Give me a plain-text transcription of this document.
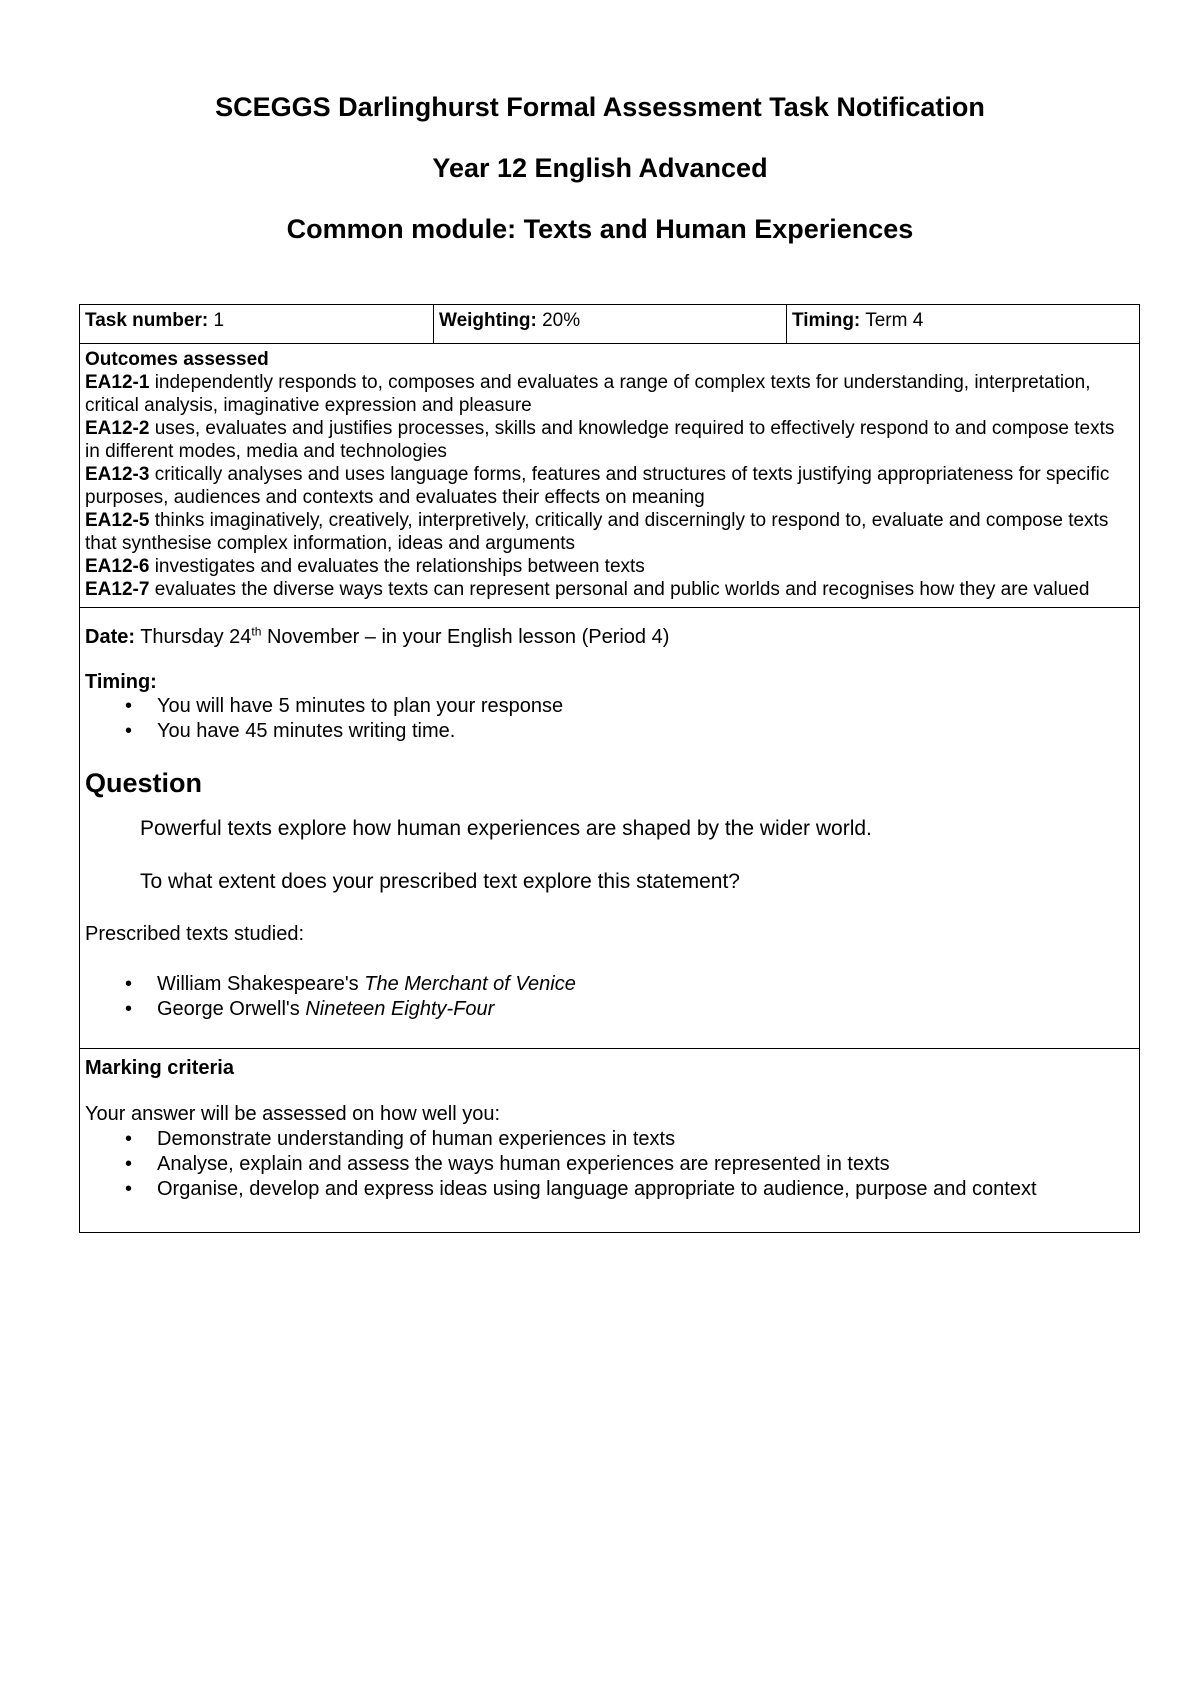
SCEGGS Darlinghurst Formal Assessment Task Notification
Year 12 English Advanced
Common module: Texts and Human Experiences
Task number: 1	Weighting: 20%	Timing: Term 4

Outcomes assessed
EA12-1 independently responds to, composes and evaluates a range of complex texts for understanding, interpretation, critical analysis, imaginative expression and pleasure
EA12-2 uses, evaluates and justifies processes, skills and knowledge required to effectively respond to and compose texts in different modes, media and technologies
EA12-3 critically analyses and uses language forms, features and structures of texts justifying appropriateness for specific purposes, audiences and contexts and evaluates their effects on meaning
EA12-5 thinks imaginatively, creatively, interpretively, critically and discerningly to respond to, evaluate and compose texts that synthesise complex information, ideas and arguments
EA12-6 investigates and evaluates the relationships between texts
EA12-7 evaluates the diverse ways texts can represent personal and public worlds and recognises how they are valued

Date: Thursday 24th November – in your English lesson (Period 4)
Timing:
• You will have 5 minutes to plan your response
• You have 45 minutes writing time.
Question

Powerful texts explore how human experiences are shaped by the wider world.

To what extent does your prescribed text explore this statement?

Prescribed texts studied:
• William Shakespeare's The Merchant of Venice
• George Orwell's Nineteen Eighty-Four

Marking criteria
Your answer will be assessed on how well you:
• Demonstrate understanding of human experiences in texts
• Analyse, explain and assess the ways human experiences are represented in texts
• Organise, develop and express ideas using language appropriate to audience, purpose and context
